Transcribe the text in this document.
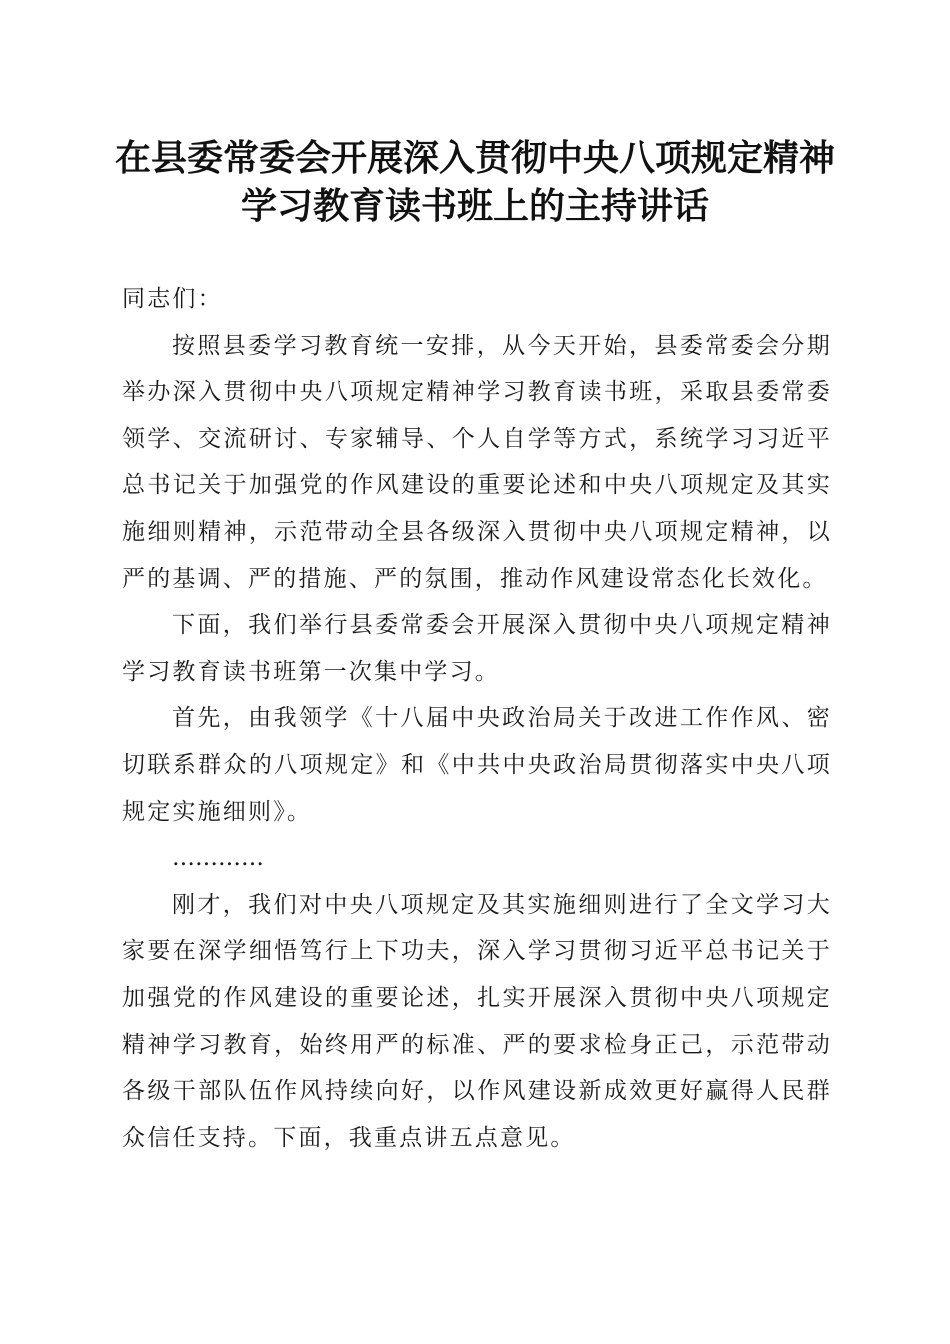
在县委常委会开展深入贯彻中央八项规定精神
学习教育读书班上的主持讲话

同志们：

按照县委学习教育统一安排，从今天开始，县委常委会分期举办深入贯彻中央八项规定精神学习教育读书班，采取县委常委领学、交流研讨、专家辅导、个人自学等方式，系统学习习近平总书记关于加强党的作风建设的重要论述和中央八项规定及其实施细则精神，示范带动全县各级深入贯彻中央八项规定精神，以严的基调、严的措施、严的氛围，推动作风建设常态化长效化。

下面，我们举行县委常委会开展深入贯彻中央八项规定精神学习教育读书班第一次集中学习。

首先，由我领学《十八届中央政治局关于改进工作作风、密切联系群众的八项规定》和《中共中央政治局贯彻落实中央八项规定实施细则》。

…………

刚才，我们对中央八项规定及其实施细则进行了全文学习大家要在深学细悟笃行上下功夫，深入学习贯彻习近平总书记关于加强党的作风建设的重要论述，扎实开展深入贯彻中央八项规定精神学习教育，始终用严的标准、严的要求检身正己，示范带动各级干部队伍作风持续向好，以作风建设新成效更好赢得人民群众信任支持。下面，我重点讲五点意见。
